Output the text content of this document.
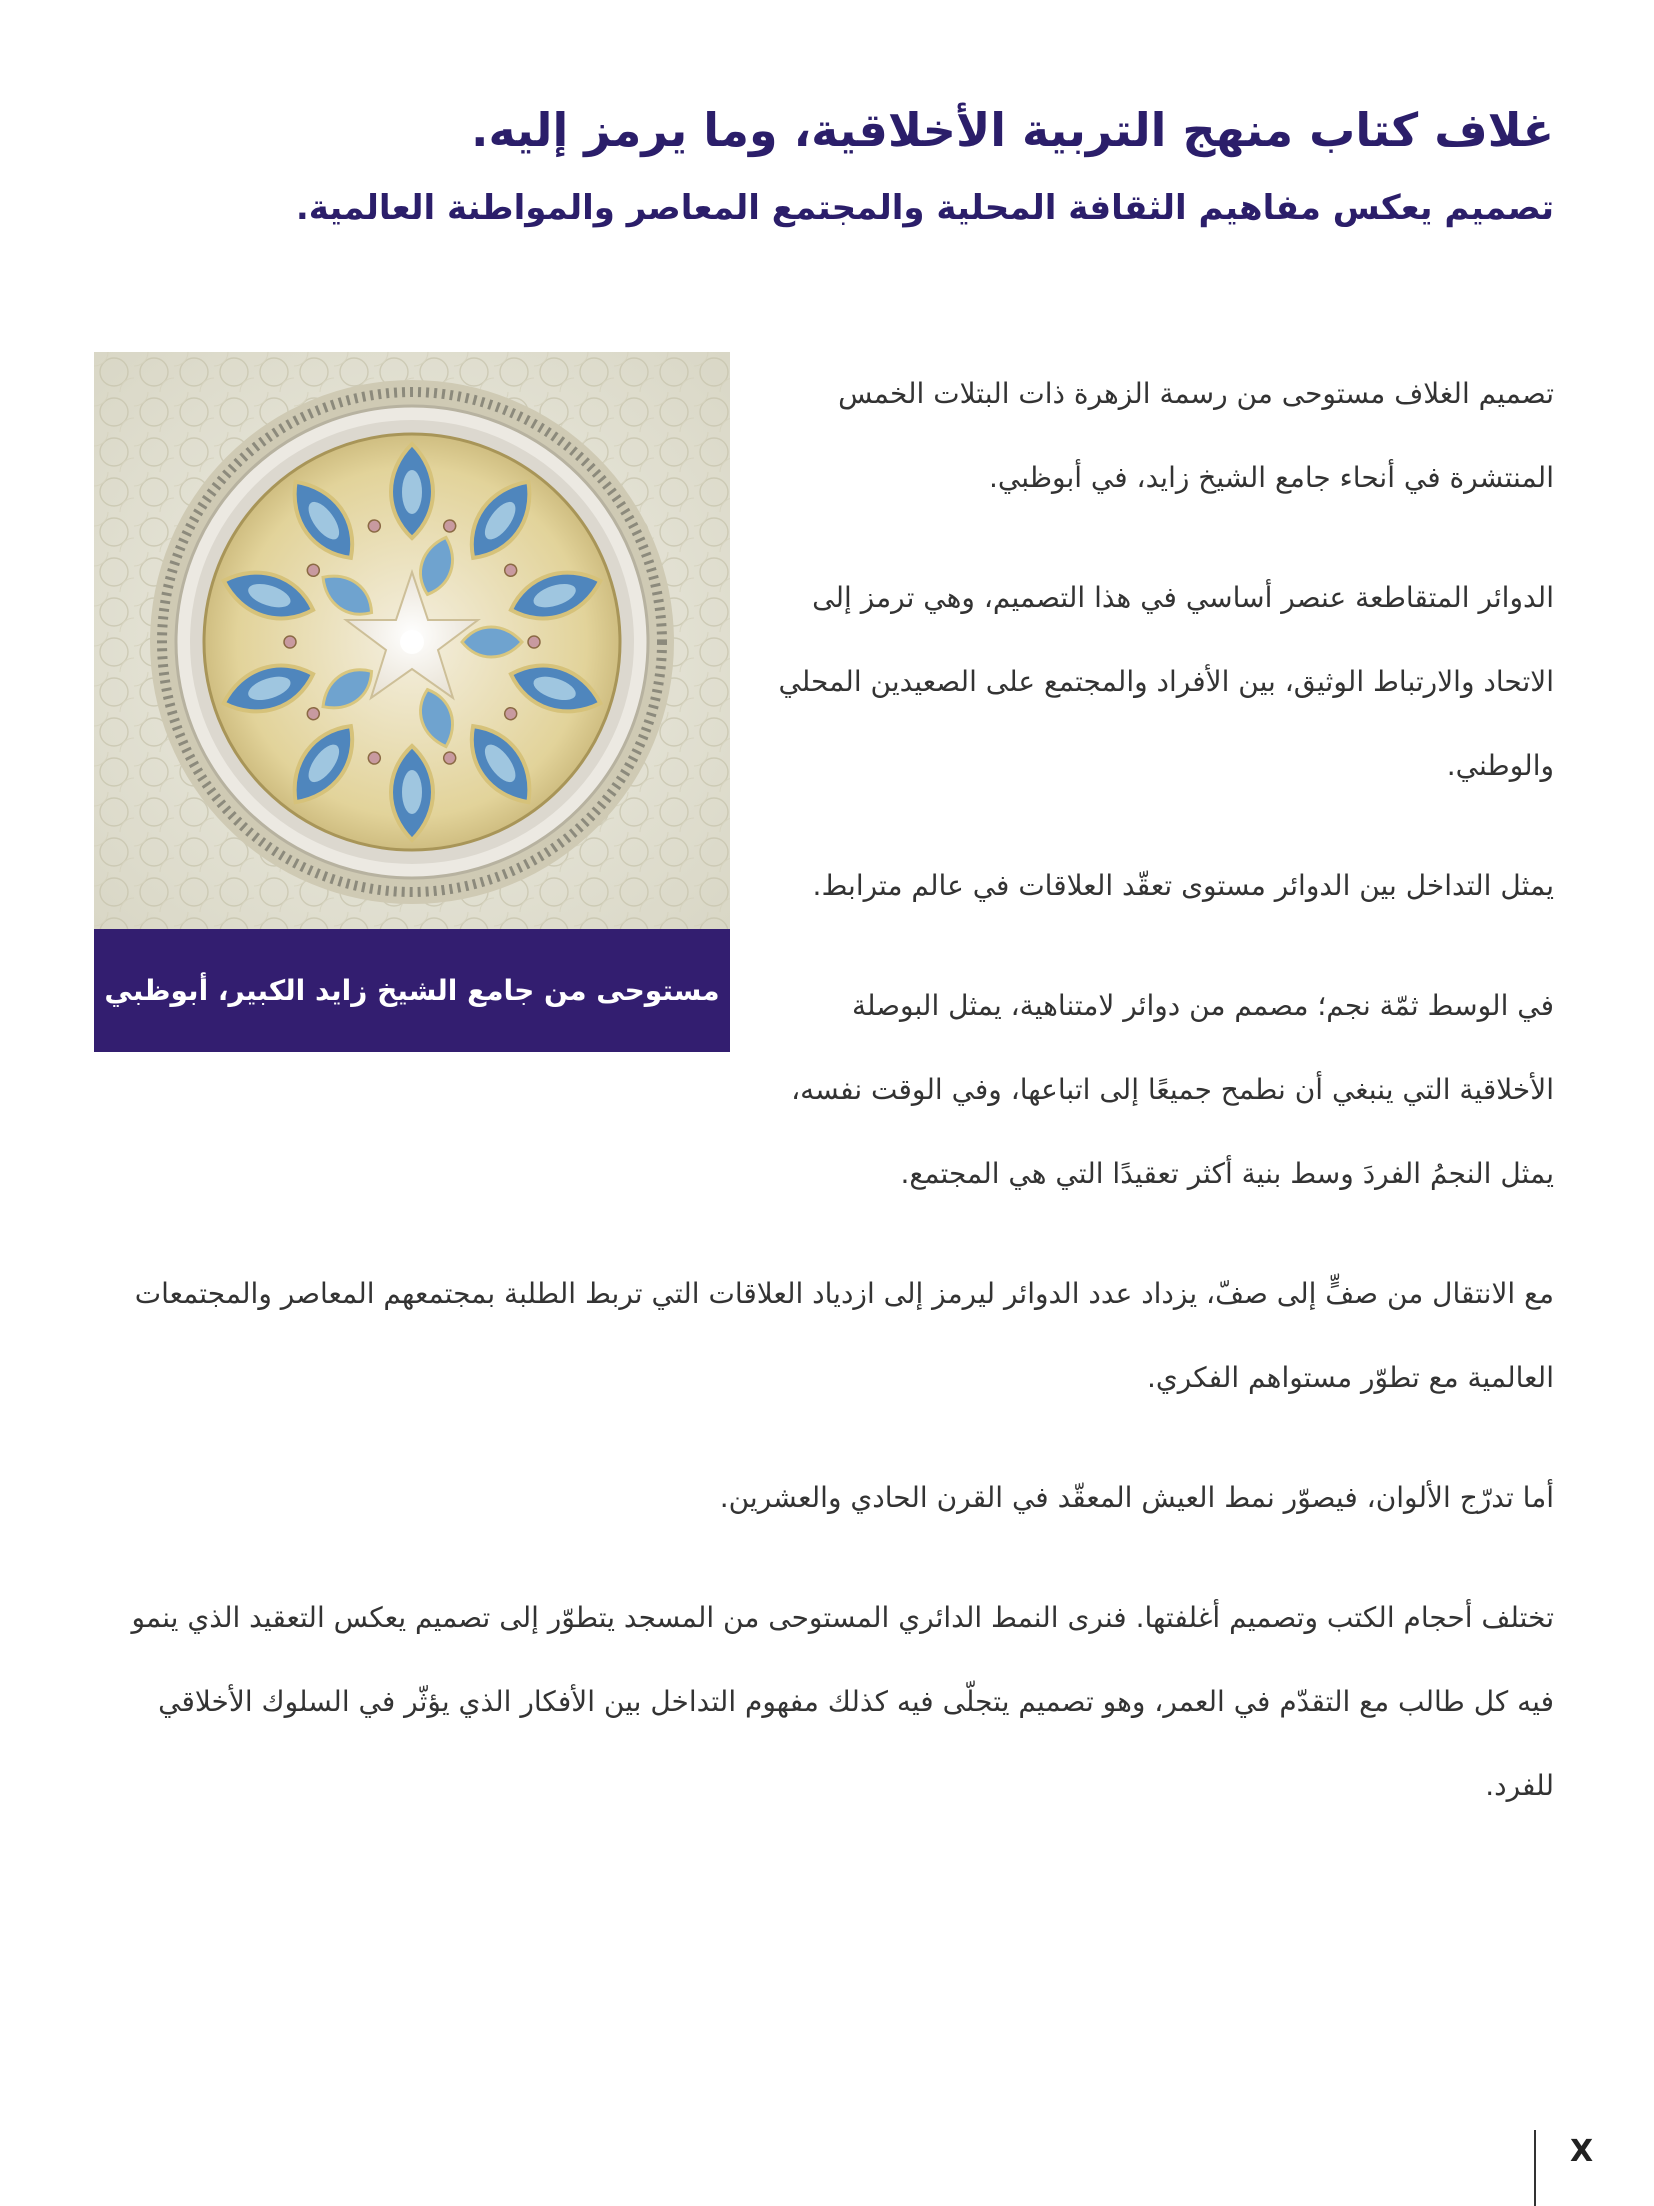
غلاف كتاب منهج التربية الأخلاقية، وما يرمز إليه.
تصميم يعكس مفاهيم الثقافة المحلية والمجتمع المعاصر والمواطنة العالمية.
مستوحى من جامع الشيخ زايد الكبير، أبوظبي

تصميم الغلاف مستوحى من رسمة الزهرة ذات البتلات الخمس المنتشرة في أنحاء جامع الشيخ زايد، في أبوظبي.

الدوائر المتقاطعة عنصر أساسي في هذا التصميم، وهي ترمز إلى الاتحاد والارتباط الوثيق، بين الأفراد والمجتمع على الصعيدين المحلي والوطني.

يمثل التداخل بين الدوائر مستوى تعقّد العلاقات في عالم مترابط.

في الوسط ثمّة نجم؛ مصمم من دوائر لامتناهية، يمثل البوصلة الأخلاقية التي ينبغي أن نطمح جميعًا إلى اتباعها، وفي الوقت نفسه، يمثل النجمُ الفردَ وسط بنية أكثر تعقيدًا التي هي المجتمع.

مع الانتقال من صفٍّ إلى صفّ، يزداد عدد الدوائر ليرمز إلى ازدياد العلاقات التي تربط الطلبة بمجتمعهم المعاصر والمجتمعات العالمية مع تطوّر مستواهم الفكري.

أما تدرّج الألوان، فيصوّر نمط العيش المعقّد في القرن الحادي والعشرين.

تختلف أحجام الكتب وتصميم أغلفتها. فنرى النمط الدائري المستوحى من المسجد يتطوّر إلى تصميم يعكس التعقيد الذي ينمو فيه كل طالب مع التقدّم في العمر، وهو تصميم يتجلّى فيه كذلك مفهوم التداخل بين الأفكار الذي يؤثّر في السلوك الأخلاقي للفرد.

X
